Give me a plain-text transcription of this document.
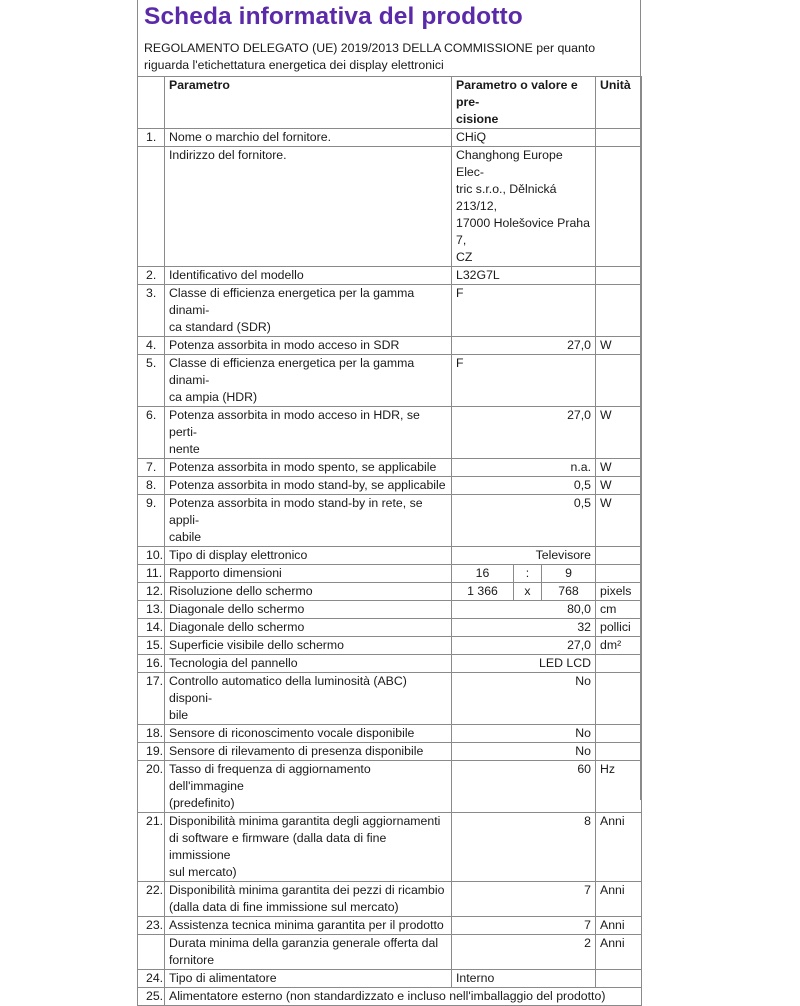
Scheda informativa del prodotto
REGOLAMENTO DELEGATO (UE) 2019/2013 DELLA COMMISSIONE per quanto riguarda l'etichettatura energetica dei display elettronici
	Parametro	Parametro o valore e pre-
cisione			Unità
1.	Nome o marchio del fornitore.	CHiQ			
	Indirizzo del fornitore.	Changhong Europe Elec-
tric s.r.o., Dělnická 213/12,
17000 Holešovice Praha 7,
CZ			
2.	Identificativo del modello	L32G7L			
3.	Classe di efficienza energetica per la gamma dinami-
ca standard (SDR)	F			
4.	Potenza assorbita in modo acceso in SDR	27,0			W
5.	Classe di efficienza energetica per la gamma dinami-
ca ampia (HDR)	F			
6.	Potenza assorbita in modo acceso in HDR, se perti-
nente	27,0			W
7.	Potenza assorbita in modo spento, se applicabile	n.a.			W
8.	Potenza assorbita in modo stand-by, se applicabile	0,5			W
9.	Potenza assorbita in modo stand-by in rete, se appli-
cabile	0,5			W
10.	Tipo di display elettronico	Televisore			
11.	Rapporto dimensioni	16	:	9	
12.	Risoluzione dello schermo	1 366	x	768	pixels
13.	Diagonale dello schermo	80,0			cm
14.	Diagonale dello schermo	32			pollici
15.	Superficie visibile dello schermo	27,0			dm²
16.	Tecnologia del pannello	LED LCD			
17.	Controllo automatico della luminosità (ABC) disponi-
bile	No			
18.	Sensore di riconoscimento vocale disponibile	No			
19.	Sensore di rilevamento di presenza disponibile	No			
20.	Tasso di frequenza di aggiornamento dell'immagine
(predefinito)	60			Hz
21.	Disponibilità minima garantita degli aggiornamenti
di software e firmware (dalla data di fine immissione
sul mercato)	8			Anni
22.	Disponibilità minima garantita dei pezzi di ricambio
(dalla data di fine immissione sul mercato)	7			Anni
23.	Assistenza tecnica minima garantita per il prodotto	7			Anni
	Durata minima della garanzia generale offerta dal
fornitore	2			Anni
24.	Tipo di alimentatore	Interno			
25.	Alimentatore esterno (non standardizzato e incluso nell'imballaggio del prodotto)				
